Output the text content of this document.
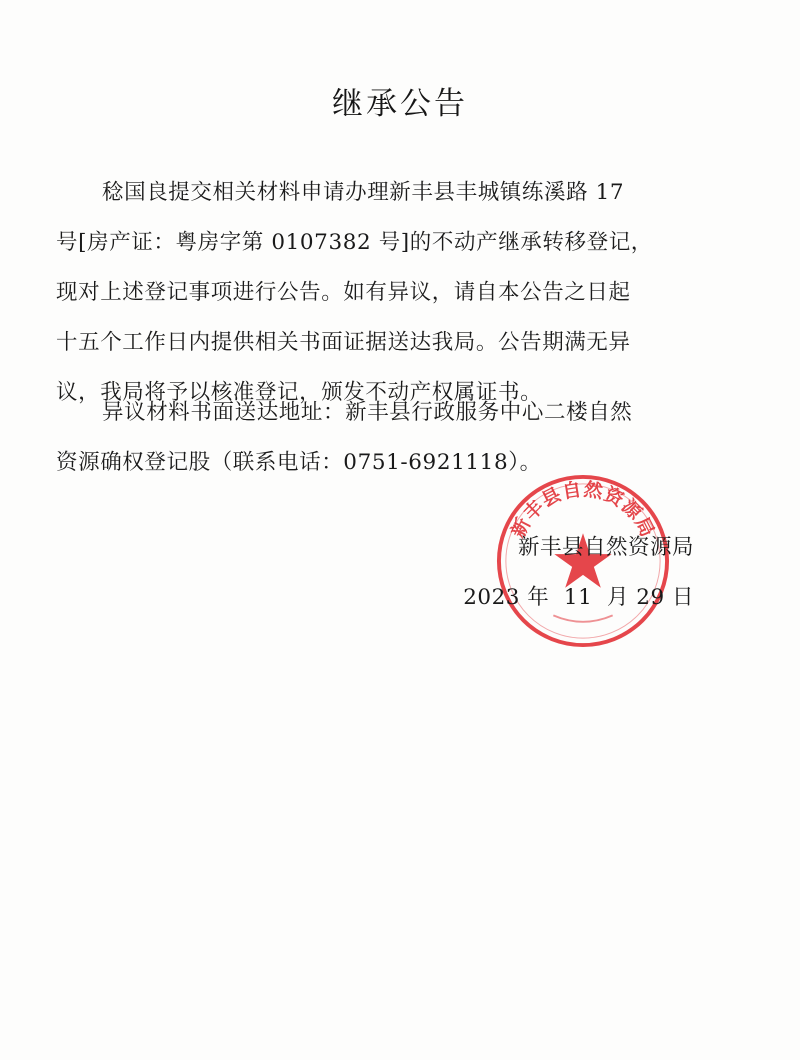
继承公告

稔国良提交相关材料申请办理新丰县丰城镇练溪路 17
号[房产证：粤房字第 0107382 号]的不动产继承转移登记，
现对上述登记事项进行公告。如有异议，请自本公告之日起
十五个工作日内提供相关书面证据送达我局。公告期满无异
议，我局将予以核准登记，颁发不动产权属证书。

异议材料书面送达地址：新丰县行政服务中心二楼自然
资源确权登记股（联系电话：0751-6921118）。

新丰县自然资源局
新丰县自然资源局
2023 年  11  月 29 日
